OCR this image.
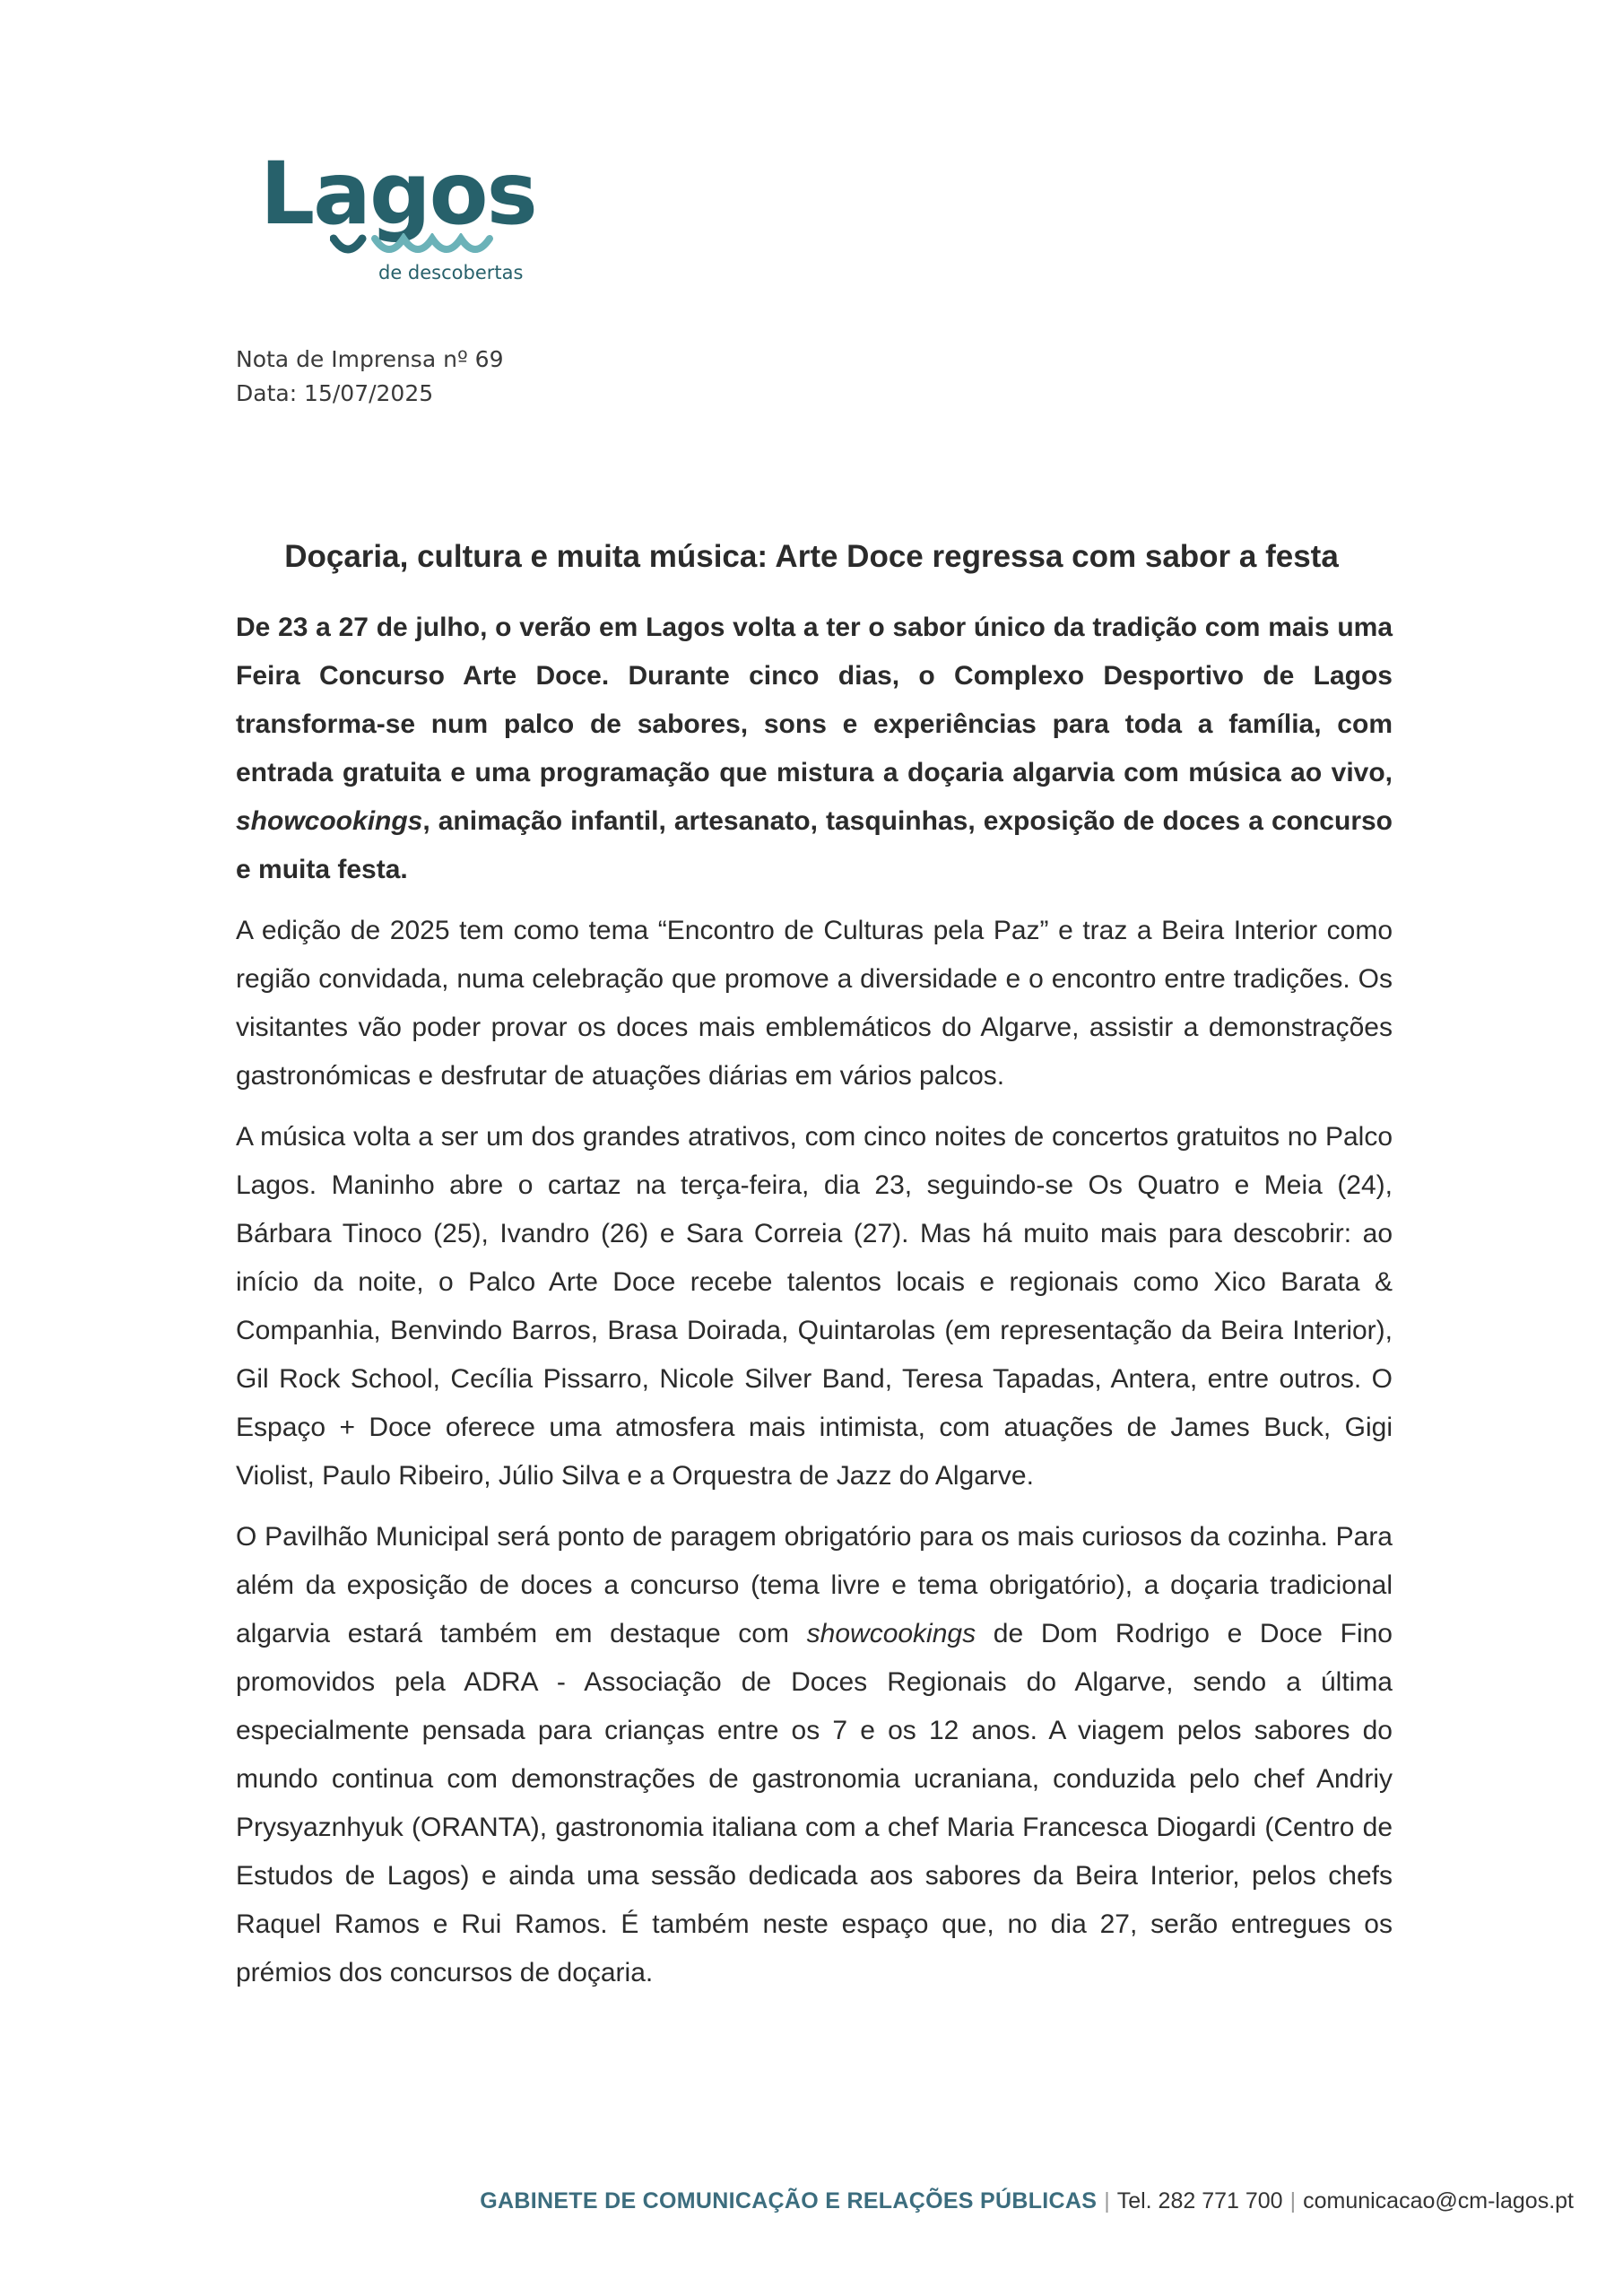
Lagos
de descobertas
Nota de Imprensa nº 69
Data: 15/07/2025
Doçaria, cultura e muita música: Arte Doce regressa com sabor a festa

De 23 a 27 de julho, o verão em Lagos volta a ter o sabor único da tradição com mais uma Feira Concurso Arte Doce. Durante cinco dias, o Complexo Desportivo de Lagos transforma-se num palco de sabores, sons e experiências para toda a família, com entrada gratuita e uma programação que mistura a doçaria algarvia com música ao vivo, showcookings, animação infantil, artesanato, tasquinhas, exposição de doces a concurso e muita festa.

A edição de 2025 tem como tema “Encontro de Culturas pela Paz” e traz a Beira Interior como região convidada, numa celebração que promove a diversidade e o encontro entre tradições. Os visitantes vão poder provar os doces mais emblemáticos do Algarve, assistir a demonstrações gastronómicas e desfrutar de atuações diárias em vários palcos.

A música volta a ser um dos grandes atrativos, com cinco noites de concertos gratuitos no Palco Lagos. Maninho abre o cartaz na terça-feira, dia 23, seguindo-se Os Quatro e Meia (24), Bárbara Tinoco (25), Ivandro (26) e Sara Correia (27). Mas há muito mais para descobrir: ao início da noite, o Palco Arte Doce recebe talentos locais e regionais como Xico Barata & Companhia, Benvindo Barros, Brasa Doirada, Quintarolas (em representação da Beira Interior), Gil Rock School, Cecília Pissarro, Nicole Silver Band, Teresa Tapadas, Antera, entre outros. O Espaço + Doce oferece uma atmosfera mais intimista, com atuações de James Buck, Gigi Violist, Paulo Ribeiro, Júlio Silva e a Orquestra de Jazz do Algarve.

O Pavilhão Municipal será ponto de paragem obrigatório para os mais curiosos da cozinha. Para além da exposição de doces a concurso (tema livre e tema obrigatório), a doçaria tradicional algarvia estará também em destaque com showcookings de Dom Rodrigo e Doce Fino promovidos pela ADRA - Associação de Doces Regionais do Algarve, sendo a última especialmente pensada para crianças entre os 7 e os 12 anos. A viagem pelos sabores do mundo continua com demonstrações de gastronomia ucraniana, conduzida pelo chef Andriy Prysyaznhyuk (ORANTA), gastronomia italiana com a chef Maria Francesca Diogardi (Centro de Estudos de Lagos) e ainda uma sessão dedicada aos sabores da Beira Interior, pelos chefs Raquel Ramos e Rui Ramos. É também neste espaço que, no dia 27, serão entregues os prémios dos concursos de doçaria.

GABINETE DE COMUNICAÇÃO E RELAÇÕES PÚBLICAS | Tel. 282 771 700 | comunicacao@cm-lagos.pt
